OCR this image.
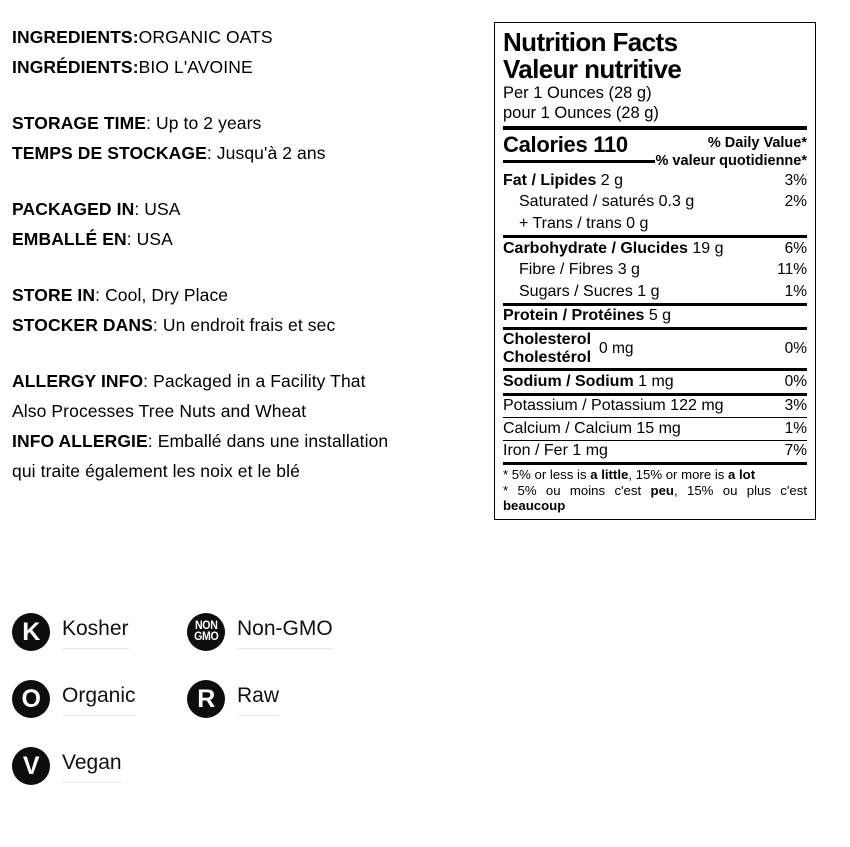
INGREDIENTS:ORGANIC OATS
INGRÉDIENTS:BIO L'AVOINE
STORAGE TIME: Up to 2 years
TEMPS DE STOCKAGE: Jusqu'à 2 ans
PACKAGED IN: USA
EMBALLÉ EN: USA
STORE IN: Cool, Dry Place
STOCKER DANS: Un endroit frais et sec
ALLERGY INFO: Packaged in a Facility That
Also Processes Tree Nuts and Wheat
INFO ALLERGIE: Emballé dans une installation
qui traite également les noix et le blé
Nutrition Facts
Valeur nutritive
Per 1 Ounces (28 g)
pour 1 Ounces (28 g)
Calories 110	% Daily Value*
% valeur quotidienne*
Fat / Lipides 2 g	3%
Saturated / saturés 0.3 g	2%
+ Trans / trans 0 g
Carbohydrate / Glucides 19 g	6%
Fibre / Fibres 3 g	11%
Sugars / Sucres 1 g	1%
Protein / Protéines 5 g
Cholesterol
Cholestérol
0 mg	0%
Sodium / Sodium 1 mg	0%
Potassium / Potassium 122 mg	3%
Calcium / Calcium 15 mg	1%
Iron / Fer 1 mg	7%
* 5% or less is a little, 15% or more is a lot
* 5% ou moins c'est peu, 15% ou plus c'est
beaucoup
K Kosher	NON
GMO Non-GMO
O Organic R Raw
V Vegan
